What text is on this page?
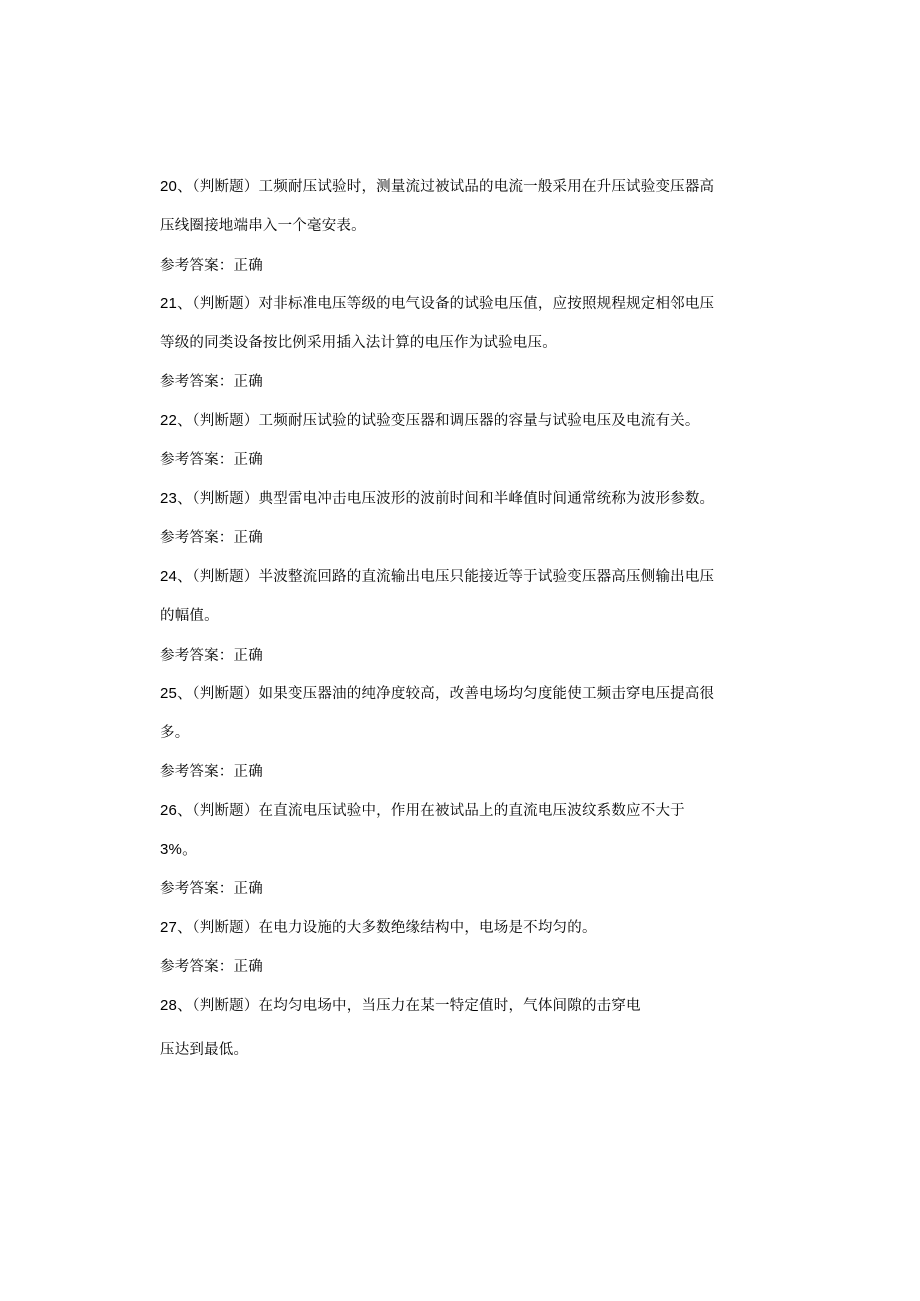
20、（判断题）工频耐压试验时，测量流过被试品的电流一般采用在升压试验变压器高
压线圈接地端串入一个毫安表。
参考答案：正确
21、（判断题）对非标准电压等级的电气设备的试验电压值，应按照规程规定相邻电压
等级的同类设备按比例采用插入法计算的电压作为试验电压。
参考答案：正确
22、（判断题）工频耐压试验的试验变压器和调压器的容量与试验电压及电流有关。
参考答案：正确
23、（判断题）典型雷电冲击电压波形的波前时间和半峰值时间通常统称为波形参数。
参考答案：正确
24、（判断题）半波整流回路的直流输出电压只能接近等于试验变压器高压侧输出电压
的幅值。
参考答案：正确
25、（判断题）如果变压器油的纯净度较高，改善电场均匀度能使工频击穿电压提高很
多。
参考答案：正确
26、（判断题）在直流电压试验中，作用在被试品上的直流电压波纹系数应不大于
3%。
参考答案：正确
27、（判断题）在电力设施的大多数绝缘结构中，电场是不均匀的。
参考答案：正确
28、（判断题）在均匀电场中，当压力在某一特定值时，气体间隙的击穿电
压达到最低。
